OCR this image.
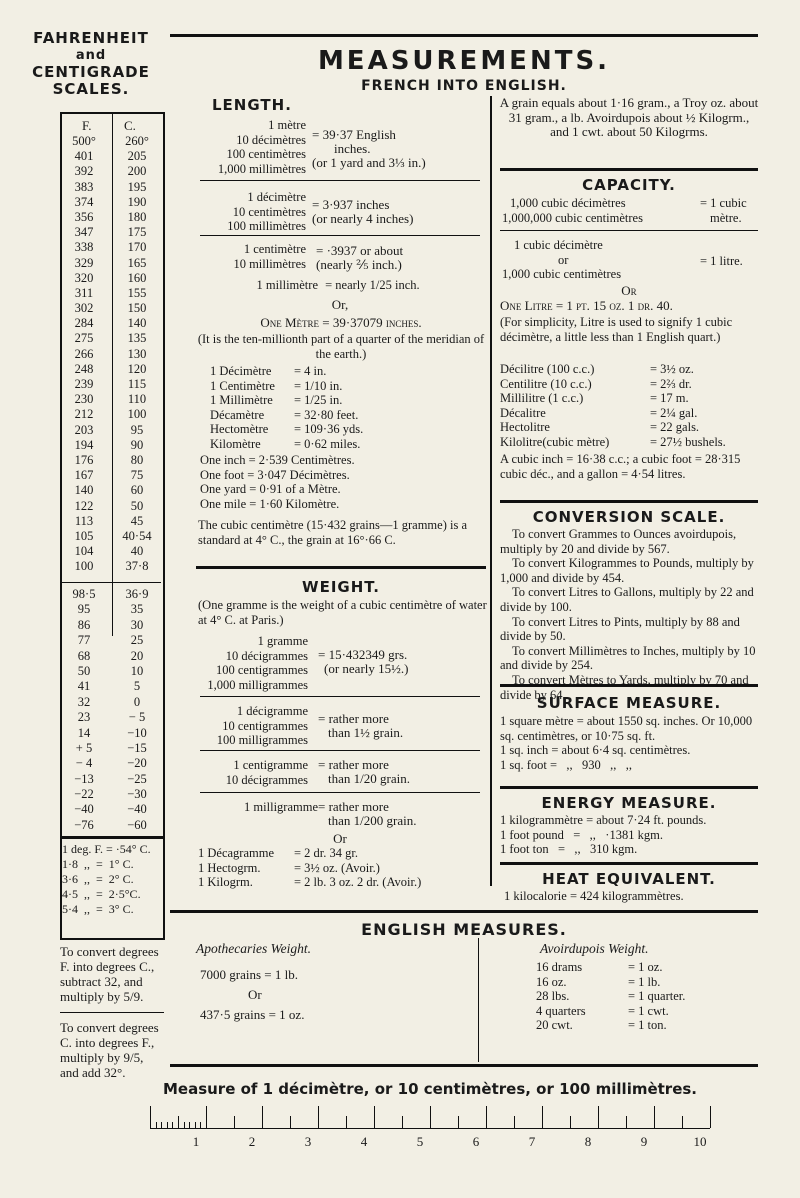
FAHRENHEIT
and
CENTIGRADE
SCALES.
F.	C.
500°	260°
401	205
392	200
383	195
374	190
356	180
347	175
338	170
329	165
320	160
311	155
302	150
284	140
275	135
266	130
248	120
239	115
230	110
212	100
203	95
194	90
176	80
167	75
140	60
122	50
113	45
105	40·54
104	40
100	37·8
98·5	36·9
95	35
86	30
77	25
68	20
50	10
41	5
32	0
23	− 5
14	−10
+ 5	−15
− 4	−20
−13	−25
−22	−30
−40	−40
−76	−60
1 deg. F. = ·54° C.
1·8  ,,  =  1° C.
3·6  ,,  =  2° C.
4·5  ,,  =  2·5°C.
5·4  ,,  =  3° C.
To convert degrees F. into degrees C., subtract 32, and multiply by 5/9.
To convert degrees C. into degrees F., multiply by 9/5, and add 32°.
MEASUREMENTS.
FRENCH INTO ENGLISH.
LENGTH.
1 mètre
10 décimètres
100 centimètres
1,000 millimètres
= 39·37 English
inches.
(or 1 yard and 3⅓ in.)
1 décimètre
10 centimètres
100 millimètres
= 3·937 inches
(or nearly 4 inches)
1 centimètre
10 millimètres
= ·3937 or about
(nearly ⅖ inch.)
1 millimètre = nearly 1/25 inch.
Or,
One Mètre = 39·37079 inches.
(It is the ten-millionth part of a quarter of the meridian of the earth.)
1 Décimètre = 4 in.
1 Centimètre = 1/10 in.
1 Millimètre = 1/25 in.
Décamètre = 32·80 feet.
Hectomètre = 109·36 yds.
Kilomètre	= 0·62 miles.
One inch = 2·539 Centimètres.
One foot = 3·047 Décimètres.
One yard = 0·91 of a Mètre.
One mile = 1·60 Kilomètre.
The cubic centimètre (15·432 grains—1 gramme) is a standard at 4° C., the grain at 16°·66 C.
WEIGHT.
(One gramme is the weight of a cubic centimètre of water at 4° C. at Paris.)
1 gramme
10 décigrammes
100 centigrammes
1,000 milligrammes
= 15·432349 grs.
(or nearly 15½.)
1 décigramme
10 centigrammes
100 milligrammes
= rather more
than 1½ grain.
1 centigramme
10 décigrammes
= rather more
than 1/20 grain.
1 milligramme = rather more
than 1/200 grain.
Or
1 Décagramme = 2 dr. 34 gr.
1 Hectogrm.	= 3½ oz. (Avoir.)
1 Kilogrm.	= 2 lb. 3 oz. 2 dr. (Avoir.)
A grain equals about 1·16 gram., a Troy oz. about 31 gram., a lb. Avoirdupois about ½ Kilogrm., and 1 cwt. about 50 Kilogrms.
CAPACITY.
1,000 cubic décimètres
1,000,000 cubic centimètres
= 1 cubic
mètre.
1 cubic décimètre
or
1,000 cubic centimètres
= 1 litre.
Or
One Litre = 1 pt. 15 oz. 1 dr. 40.
(For simplicity, Litre is used to signify 1 cubic décimètre, a little less than 1 English quart.)
Décilitre (100 c.c.)	= 3½ oz.
Centilitre (10 c.c.)	= 2⅔ dr.
Millilitre (1 c.c.)	= 17 m.
Décalitre	= 2¼ gal.
Hectolitre	= 22 gals.
Kilolitre(cubic mètre)	= 27½ bushels.
A cubic inch = 16·38 c.c.; a cubic foot = 28·315 cubic déc., and a gallon = 4·54 litres.
CONVERSION SCALE.
To convert Grammes to Ounces avoirdupois, multiply by 20 and divide by 567.
To convert Kilogrammes to Pounds, multiply by 1,000 and divide by 454.
To convert Litres to Gallons, multiply by 22 and divide by 100.
To convert Litres to Pints, multiply by 88 and divide by 50.
To convert Millimètres to Inches, multiply by 10 and divide by 254.
To convert Mètres to Yards, multiply by 70 and divide by 64.
SURFACE MEASURE.
1 square mètre = about 1550 sq. inches. Or 10,000 sq. centimètres, or 10·75 sq. ft.
1 sq. inch = about 6·4 sq. centimètres.
1 sq. foot =   ,,   930   ,,   ,,
ENERGY MEASURE.
1 kilogrammètre = about 7·24 ft. pounds.
1 foot pound   =   ,,   ·1381 kgm.
1 foot ton   =   ,,   310 kgm.
HEAT EQUIVALENT.
1 kilocalorie = 424 kilogrammètres.
ENGLISH MEASURES.
Apothecaries Weight.
7000 grains = 1 lb.
Or
437·5 grains = 1 oz.
Avoirdupois Weight.
16 drams	= 1 oz.
16 oz.	= 1 lb.
28 lbs.	= 1 quarter.
4 quarters	= 1 cwt.
20 cwt.	= 1 ton.
Measure of 1 décimètre, or 10 centimètres, or 100 millimètres.
1	2	3	4	5	6	7	8	9	10
